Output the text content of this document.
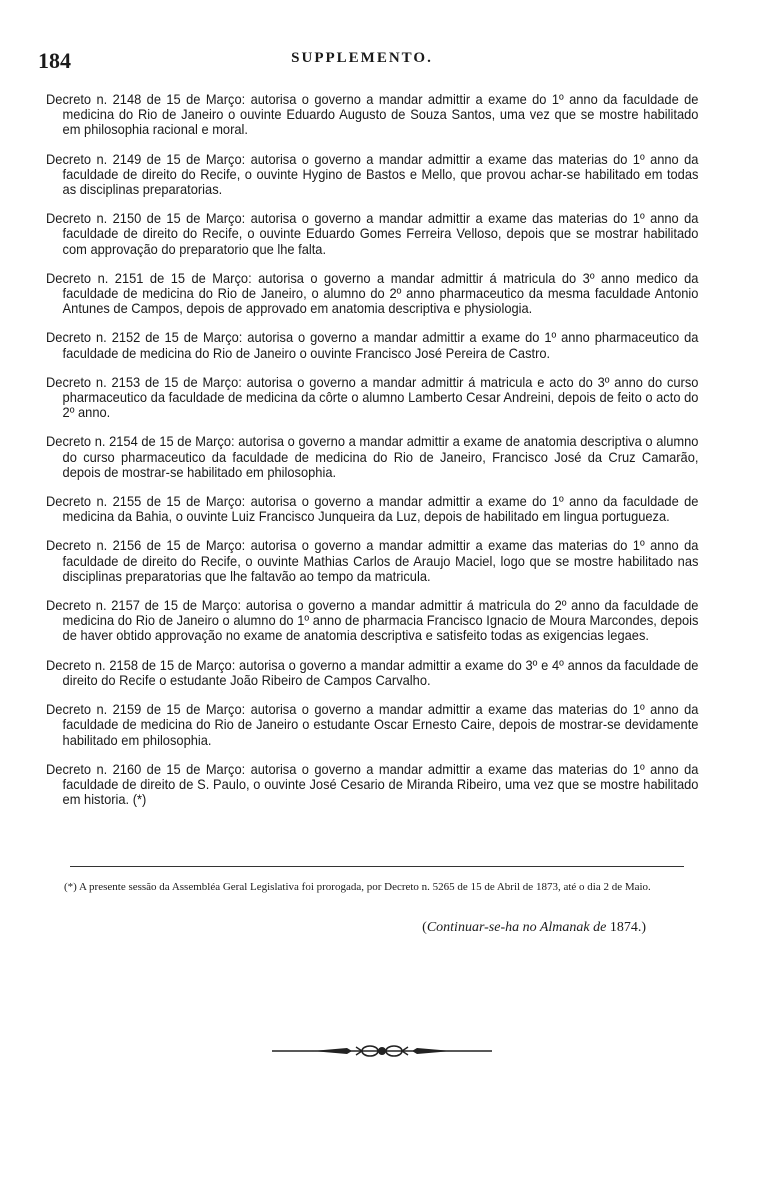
184	SUPPLEMENTO.

Decreto n. 2148 de 15 de Março: autorisa o governo a mandar admittir a exame do 1º anno da faculdade de medicina do Rio de Janeiro o ouvinte Eduardo Augusto de Souza Santos, uma vez que se mostre habilitado em philosophia racional e moral.

Decreto n. 2149 de 15 de Março: autorisa o governo a mandar admittir a exame das materias do 1º anno da faculdade de direito do Recife, o ouvinte Hygino de Bastos e Mello, que provou achar-se habilitado em todas as disciplinas preparatorias.

Decreto n. 2150 de 15 de Março: autorisa o governo a mandar admittir a exame das materias do 1º anno da faculdade de direito do Recife, o ouvinte Eduardo Gomes Ferreira Velloso, depois que se mostrar habilitado com approvação do preparatorio que lhe falta.

Decreto n. 2151 de 15 de Março: autorisa o governo a mandar admittir á matricula do 3º anno medico da faculdade de medicina do Rio de Janeiro, o alumno do 2º anno pharmaceutico da mesma faculdade Antonio Antunes de Campos, depois de approvado em anatomia descriptiva e physiologia.

Decreto n. 2152 de 15 de Março: autorisa o governo a mandar admittir a exame do 1º anno pharmaceutico da faculdade de medicina do Rio de Janeiro o ouvinte Francisco José Pereira de Castro.

Decreto n. 2153 de 15 de Março: autorisa o governo a mandar admittir á matricula e acto do 3º anno do curso pharmaceutico da faculdade de medicina da côrte o alumno Lamberto Cesar Andreini, depois de feito o acto do 2º anno.

Decreto n. 2154 de 15 de Março: autorisa o governo a mandar admittir a exame de anatomia descriptiva o alumno do curso pharmaceutico da faculdade de medicina do Rio de Janeiro, Francisco José da Cruz Camarão, depois de mostrar-se habilitado em philosophia.

Decreto n. 2155 de 15 de Março: autorisa o governo a mandar admittir a exame do 1º anno da faculdade de medicina da Bahia, o ouvinte Luiz Francisco Junqueira da Luz, depois de habilitado em lingua portugueza.

Decreto n. 2156 de 15 de Março: autorisa o governo a mandar admittir a exame das materias do 1º anno da faculdade de direito do Recife, o ouvinte Mathias Carlos de Araujo Maciel, logo que se mostre habilitado nas disciplinas preparatorias que lhe faltavão ao tempo da matricula.

Decreto n. 2157 de 15 de Março: autorisa o governo a mandar admittir á matricula do 2º anno da faculdade de medicina do Rio de Janeiro o alumno do 1º anno de pharmacia Francisco Ignacio de Moura Marcondes, depois de haver obtido approvação no exame de anatomia descriptiva e satisfeito todas as exigencias legaes.

Decreto n. 2158 de 15 de Março: autorisa o governo a mandar admittir a exame do 3º e 4º annos da faculdade de direito do Recife o estudante João Ribeiro de Campos Carvalho.

Decreto n. 2159 de 15 de Março: autorisa o governo a mandar admittir a exame das materias do 1º anno da faculdade de medicina do Rio de Janeiro o estudante Oscar Ernesto Caire, depois de mostrar-se devidamente habilitado em philosophia.

Decreto n. 2160 de 15 de Março: autorisa o governo a mandar admittir a exame das materias do 1º anno da faculdade de direito de S. Paulo, o ouvinte José Cesario de Miranda Ribeiro, uma vez que se mostre habilitado em historia. (*)

(*) A presente sessão da Assembléa Geral Legislativa foi prorogada, por Decreto n. 5265 de 15 de Abril de 1873, até o dia 2 de Maio.
(Continuar-se-ha no Almanak de 1874.)
